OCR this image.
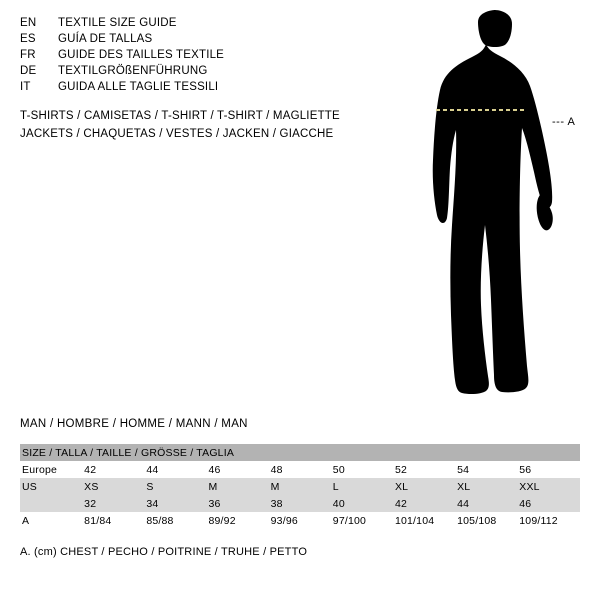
EN	TEXTILE SIZE GUIDE
ES	GUÍA DE TALLAS
FR	GUIDE DES TAILLES TEXTILE
DE	TEXTILGRÖßENFÜHRUNG
IT	GUIDA ALLE TAGLIE TESSILI
T-SHIRTS / CAMISETAS / T-SHIRT / T-SHIRT / MAGLIETTE
JACKETS / CHAQUETAS / VESTES / JACKEN / GIACCHE
--- A
MAN / HOMBRE / HOMME / MANN / MAN
SIZE / TALLA / TAILLE / GRÖSSE / TAGLIA								
Europe	42	44	46	48	50	52	54	56
US	XS	S	M	M	L	XL	XL	XXL
	32	34	36	38	40	42	44	46
A	81/84	85/88	89/92	93/96	97/100	101/104	105/108	109/112
A. (cm) CHEST / PECHO / POITRINE / TRUHE / PETTO
